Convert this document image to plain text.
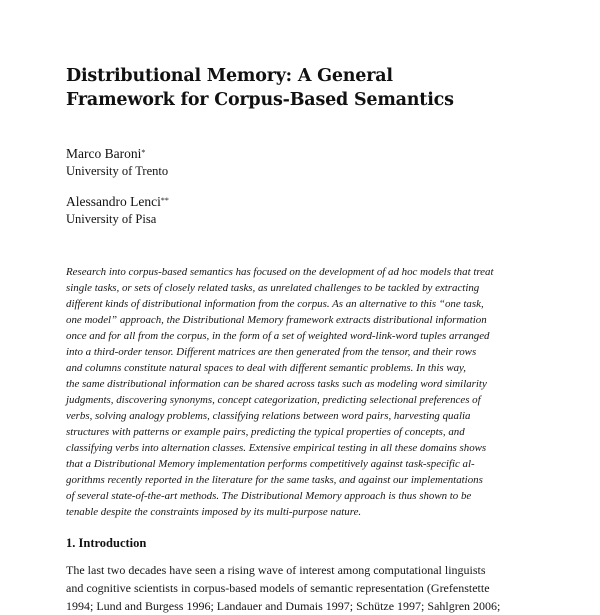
Distributional Memory: A General
Framework for Corpus-Based Semantics
Marco Baroni*
University of Trento
Alessandro Lenci**
University of Pisa
Research into corpus-based semantics has focused on the development of ad hoc models that treat
single tasks, or sets of closely related tasks, as unrelated challenges to be tackled by extracting
different kinds of distributional information from the corpus. As an alternative to this “one task,
one model” approach, the Distributional Memory framework extracts distributional information
once and for all from the corpus, in the form of a set of weighted word-link-word tuples arranged
into a third-order tensor. Different matrices are then generated from the tensor, and their rows
and columns constitute natural spaces to deal with different semantic problems. In this way,
the same distributional information can be shared across tasks such as modeling word similarity
judgments, discovering synonyms, concept categorization, predicting selectional preferences of
verbs, solving analogy problems, classifying relations between word pairs, harvesting qualia
structures with patterns or example pairs, predicting the typical properties of concepts, and
classifying verbs into alternation classes. Extensive empirical testing in all these domains shows
that a Distributional Memory implementation performs competitively against task-specific al-
gorithms recently reported in the literature for the same tasks, and against our implementations
of several state-of-the-art methods. The Distributional Memory approach is thus shown to be
tenable despite the constraints imposed by its multi-purpose nature.
1. Introduction
The last two decades have seen a rising wave of interest among computational linguists
and cognitive scientists in corpus-based models of semantic representation (Grefenstette
1994; Lund and Burgess 1996; Landauer and Dumais 1997; Schütze 1997; Sahlgren 2006;
